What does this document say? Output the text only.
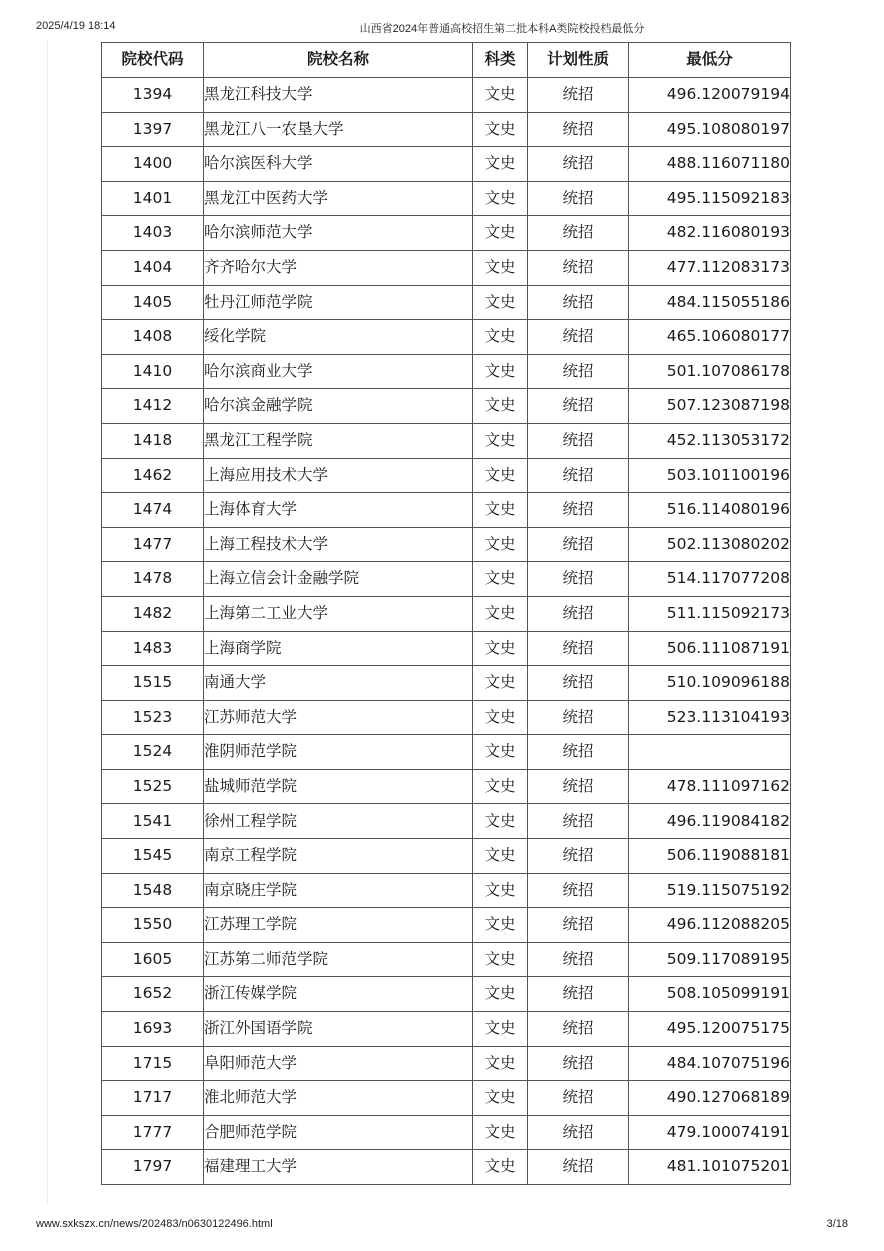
2025/4/19 18:14	山西省2024年普通高校招生第二批本科A类院校投档最低分
院校代码	院校名称	科类	计划性质	最低分
1394	黑龙江科技大学	文史	统招	496.120079194
1397	黑龙江八一农垦大学	文史	统招	495.108080197
1400	哈尔滨医科大学	文史	统招	488.116071180
1401	黑龙江中医药大学	文史	统招	495.115092183
1403	哈尔滨师范大学	文史	统招	482.116080193
1404	齐齐哈尔大学	文史	统招	477.112083173
1405	牡丹江师范学院	文史	统招	484.115055186
1408	绥化学院	文史	统招	465.106080177
1410	哈尔滨商业大学	文史	统招	501.107086178
1412	哈尔滨金融学院	文史	统招	507.123087198
1418	黑龙江工程学院	文史	统招	452.113053172
1462	上海应用技术大学	文史	统招	503.101100196
1474	上海体育大学	文史	统招	516.114080196
1477	上海工程技术大学	文史	统招	502.113080202
1478	上海立信会计金融学院	文史	统招	514.117077208
1482	上海第二工业大学	文史	统招	511.115092173
1483	上海商学院	文史	统招	506.111087191
1515	南通大学	文史	统招	510.109096188
1523	江苏师范大学	文史	统招	523.113104193
1524	淮阴师范学院	文史	统招	
1525	盐城师范学院	文史	统招	478.111097162
1541	徐州工程学院	文史	统招	496.119084182
1545	南京工程学院	文史	统招	506.119088181
1548	南京晓庄学院	文史	统招	519.115075192
1550	江苏理工学院	文史	统招	496.112088205
1605	江苏第二师范学院	文史	统招	509.117089195
1652	浙江传媒学院	文史	统招	508.105099191
1693	浙江外国语学院	文史	统招	495.120075175
1715	阜阳师范大学	文史	统招	484.107075196
1717	淮北师范大学	文史	统招	490.127068189
1777	合肥师范学院	文史	统招	479.100074191
1797	福建理工大学	文史	统招	481.101075201
www.sxkszx.cn/news/202483/n0630122496.html	3/18
